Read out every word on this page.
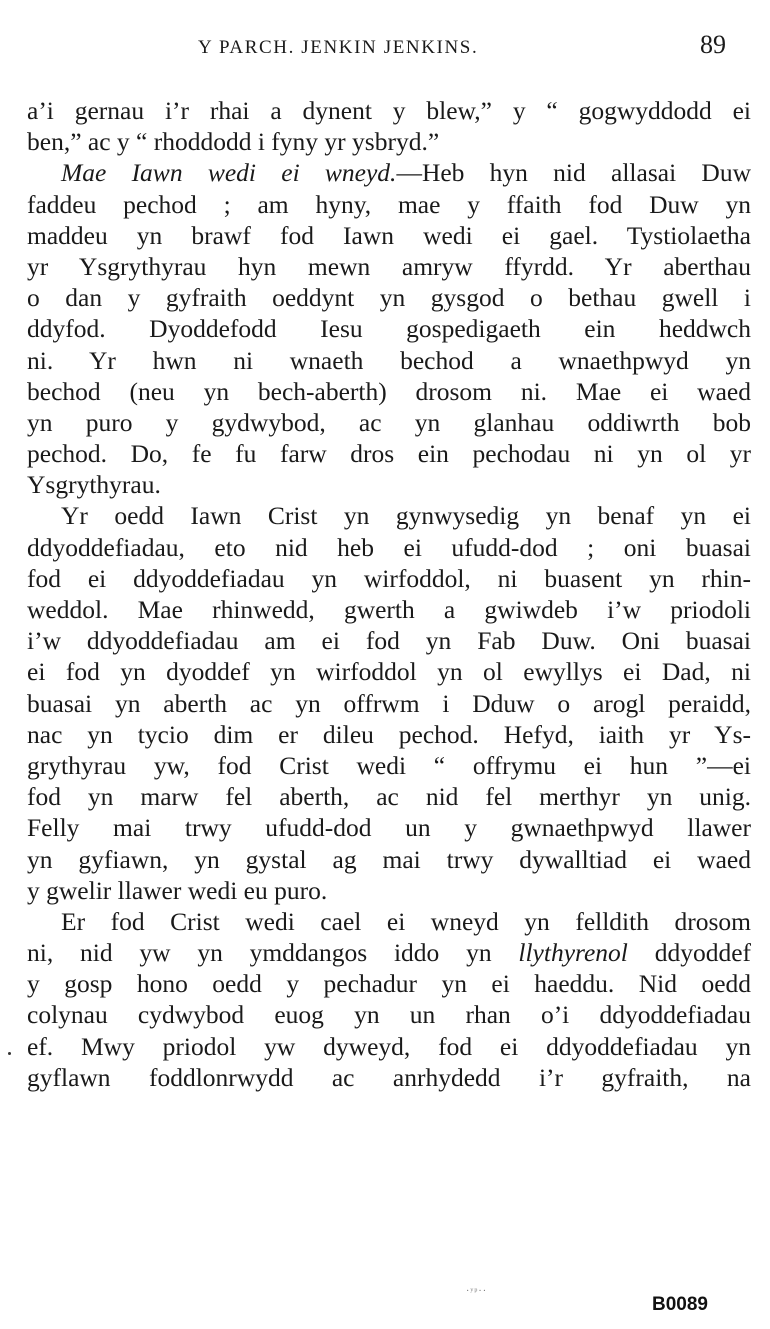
Y PARCH. JENKIN JENKINS.	89
a’i gernau i’r rhai a dynent y blew,” y “ gogwyddodd ei
ben,” ac y “ rhoddodd i fyny yr ysbryd.”
Mae Iawn wedi ei wneyd.—Heb hyn nid allasai Duw
faddeu pechod ; am hyny, mae y ffaith fod Duw yn
maddeu yn brawf fod Iawn wedi ei gael. Tystiolaetha
yr Ysgrythyrau hyn mewn amryw ffyrdd. Yr aberthau
o dan y gyfraith oeddynt yn gysgod o bethau gwell i
ddyfod. Dyoddefodd Iesu gospedigaeth ein heddwch
ni. Yr hwn ni wnaeth bechod a wnaethpwyd yn
bechod (neu yn bech-aberth) drosom ni. Mae ei waed
yn puro y gydwybod, ac yn glanhau oddiwrth bob
pechod. Do, fe fu farw dros ein pechodau ni yn ol yr
Ysgrythyrau.
Yr oedd Iawn Crist yn gynwysedig yn benaf yn ei
ddyoddefiadau, eto nid heb ei ufudd-dod ; oni buasai
fod ei ddyoddefiadau yn wirfoddol, ni buasent yn rhin-
weddol. Mae rhinwedd, gwerth a gwiwdeb i’w priodoli
i’w ddyoddefiadau am ei fod yn Fab Duw. Oni buasai
ei fod yn dyoddef yn wirfoddol yn ol ewyllys ei Dad, ni
buasai yn aberth ac yn offrwm i Dduw o arogl peraidd,
nac yn tycio dim er dileu pechod. Hefyd, iaith yr Ys-
grythyrau yw, fod Crist wedi “ offrymu ei hun ”—ei
fod yn marw fel aberth, ac nid fel merthyr yn unig.
Felly mai trwy ufudd-dod un y gwnaethpwyd llawer
yn gyfiawn, yn gystal ag mai trwy dywalltiad ei waed
y gwelir llawer wedi eu puro.
Er fod Crist wedi cael ei wneyd yn felldith drosom
ni, nid yw yn ymddangos iddo yn llythyrenol ddyoddef
y gosp hono oedd y pechadur yn ei haeddu. Nid oedd
colynau cydwybod euog yn un rhan o’i ddyoddefiadau
ef. Mwy priodol yw dyweyd, fod ei ddyoddefiadau yn
gyflawn foddlonrwydd ac anrhydedd i’r gyfraith, na
·ʸᵖ··
B0089
